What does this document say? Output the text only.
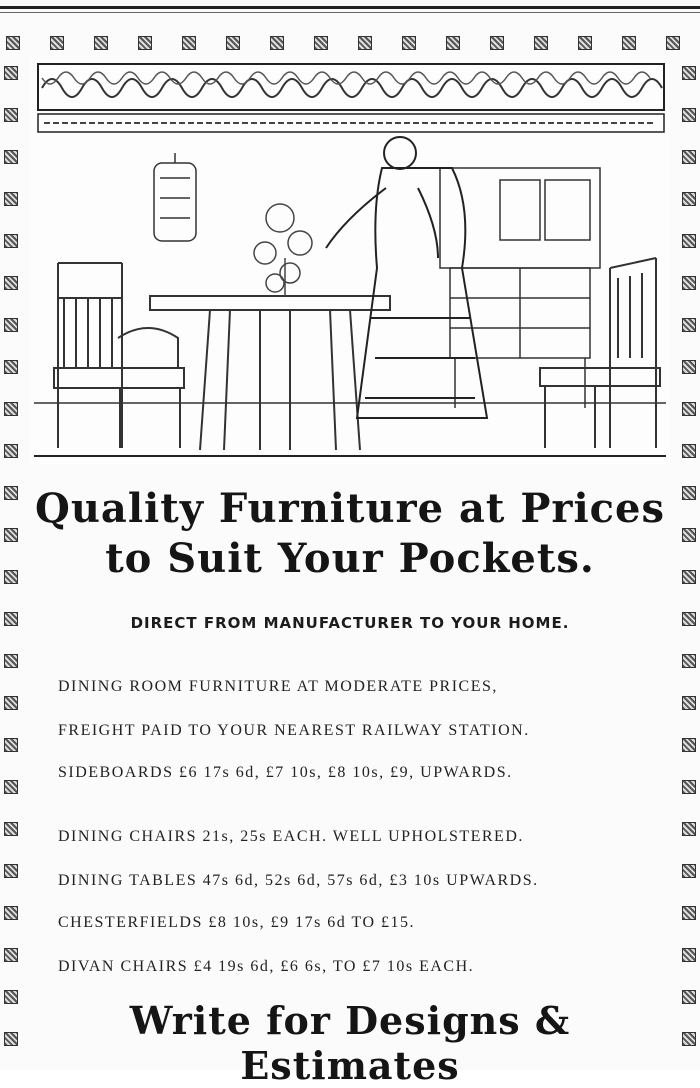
Quality Furniture at Prices
to Suit Your Pockets.
DIRECT FROM MANUFACTURER TO YOUR HOME.
DINING ROOM FURNITURE AT MODERATE PRICES,
FREIGHT PAID TO YOUR NEAREST RAILWAY STATION.
SIDEBOARDS £6 17s 6d, £7 10s, £8 10s, £9, UPWARDS.
DINING CHAIRS 21s, 25s EACH. WELL UPHOLSTERED.
DINING TABLES 47s 6d, 52s 6d, 57s 6d, £3 10s UPWARDS.
CHESTERFIELDS £8 10s, £9 17s 6d TO £15.
DIVAN CHAIRS £4 19s 6d, £6 6s, TO £7 10s EACH.
Write for Designs & Estimates
